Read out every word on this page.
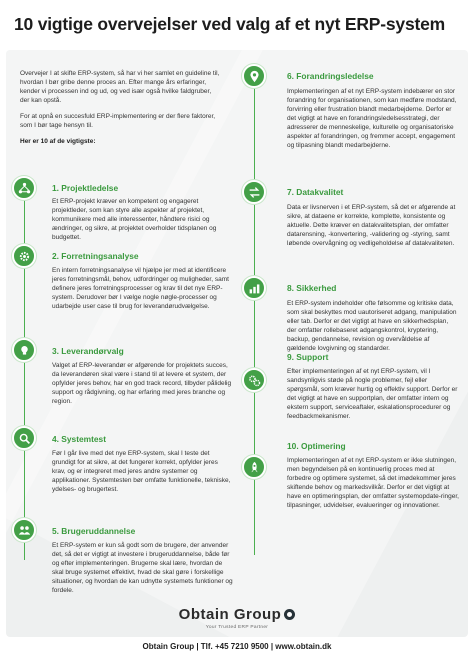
10 vigtige overvejelser ved valg af et nyt ERP-system

Overvejer I at skifte ERP-system, så har vi her samlet en guideline til, hvordan I bør gribe denne proces an. Efter mange års erfaringer, kender vi processen ind og ud, og ved især også hvilke faldgruber, der kan opstå.

For at opnå en succesfuld ERP-implementering er der flere faktorer, som I bør tage hensyn til.

Her er 10 af de vigtigste:

1. Projektledelse
Et ERP-projekt kræver en kompetent og engageret projektleder, som kan styre alle aspekter af projektet, kommunikere med alle interessenter, håndtere risici og ændringer, og sikre, at projektet overholder tidsplanen og budgettet.
2. Forretningsanalyse
En intern forretningsanalyse vil hjælpe jer med at identificere jeres forretningsmål, behov, udfordringer og muligheder, samt definere jeres forretningsprocesser og krav til det nye ERP-system. Derudover bør I vælge nogle nøgle-processer og udarbejde user case til brug for leverandørudvælgelse.
3. Leverandørvalg
Valget af ERP-leverandør er afgørende for projektets succes, da leverandøren skal være i stand til at levere et system, der opfylder jeres behov, har en god track record, tilbyder pålidelig support og rådgivning, og har erfaring med jeres branche og region.
4. Systemtest
Før I går live med det nye ERP-system, skal I teste det grundigt for at sikre, at det fungerer korrekt, opfylder jeres krav, og er integreret med jeres andre systemer og applikationer. Systemtesten bør omfatte funktionelle, tekniske, ydelses- og brugertest.
5. Brugeruddannelse
Et ERP-system er kun så godt som de brugere, der anvender det, så det er vigtigt at investere i brugeruddannelse, både før og efter implementeringen. Brugerne skal lære, hvordan de skal bruge systemet effektivt, hvad de skal gøre i forskellige situationer, og hvordan de kan udnytte systemets funktioner og fordele.
6. Forandringsledelse
Implementeringen af et nyt ERP-system indebærer en stor forandring for organisationen, som kan medføre modstand, forvirring eller frustration blandt medarbejderne. Derfor er det vigtigt at have en forandringsledelsesstrategi, der adresserer de menneskelige, kulturelle og organisatoriske aspekter af forandringen, og fremmer accept, engagement og tilpasning blandt medarbejderne.
7. Datakvalitet
Data er livsnerven i et ERP-system, så det er afgørende at sikre, at dataene er korrekte, komplette, konsistente og aktuelle. Dette kræver en datakvalitetsplan, der omfatter datarensning, -konvertering, -validering og -styring, samt løbende overvågning og vedligeholdelse af datakvaliteten.
8. Sikkerhed
Et ERP-system indeholder ofte følsomme og kritiske data, som skal beskyttes mod uautoriseret adgang, manipulation eller tab. Derfor er det vigtigt at have en sikkerhedsplan, der omfatter rollebaseret adgangskontrol, kryptering, backup, gendannelse, revision og overvåldelse af gældende lovgivning og standarder.
9. Support
Efter implementeringen af et nyt ERP-system, vil I sandsynligvis støde på nogle problemer, fejl eller spørgsmål, som kræver hurtig og effektiv support. Derfor er det vigtigt at have en supportplan, der omfatter intern og ekstern support, serviceaftaler, eskalationsprocedurer og feedbackmekanismer.
10. Optimering
Implementeringen af et nyt ERP-system er ikke slutningen, men begyndelsen på en kontinuerlig proces med at forbedre og optimere systemet, så det imødekommer jeres skiftende behov og markedsvilkår. Derfor er det vigtigt at have en optimeringsplan, der omfatter systemopdate-ringer, tilpasninger, udvidelser, evalueringer og innovationer.
Obtain Group
Your Trusted ERP Partner
Obtain Group | Tlf. +45 7210 9500 | www.obtain.dk
